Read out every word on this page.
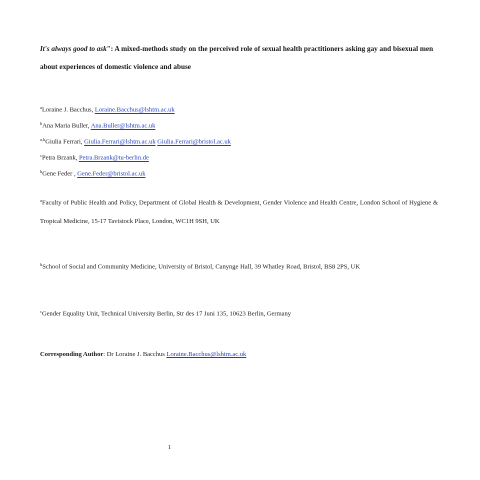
It's always good to ask": A mixed-methods study on the perceived role of sexual health practitioners asking gay and bisexual men about experiences of domestic violence and abuse
$^a$Loraine J. Bacchus, Loraine.Bacchus@lshtm.ac.uk
$^b$Ana Maria Buller, Ana.Buller@lshtm.ac.uk
$^{a,b}$Giulia Ferrari, Giulia.Ferrari@lshtm.ac.uk Giulia.Ferrari@bristol.ac.uk
$^c$Petra Brzank, Petra.Brzank@tu-berlin.de
$^b$Gene Feder , Gene.Feder@bristol.ac.uk
$^a$Faculty of Public Health and Policy, Department of Global Health & Development, Gender Violence and Health Centre, London School of Hygiene & Tropical Medicine, 15-17 Tavistock Place, London, WC1H 9SH, UK
$^b$School of Social and Community Medicine, University of Bristol, Canynge Hall, 39 Whatley Road, Bristol, BS8 2PS, UK
$^c$Gender Equality Unit, Technical University Berlin, Str des 17 Juni 135, 10623 Berlin, Germany
Corresponding Author: Dr Loraine J. Bacchus Loraine.Bacchus@lshtm.ac.uk
1
